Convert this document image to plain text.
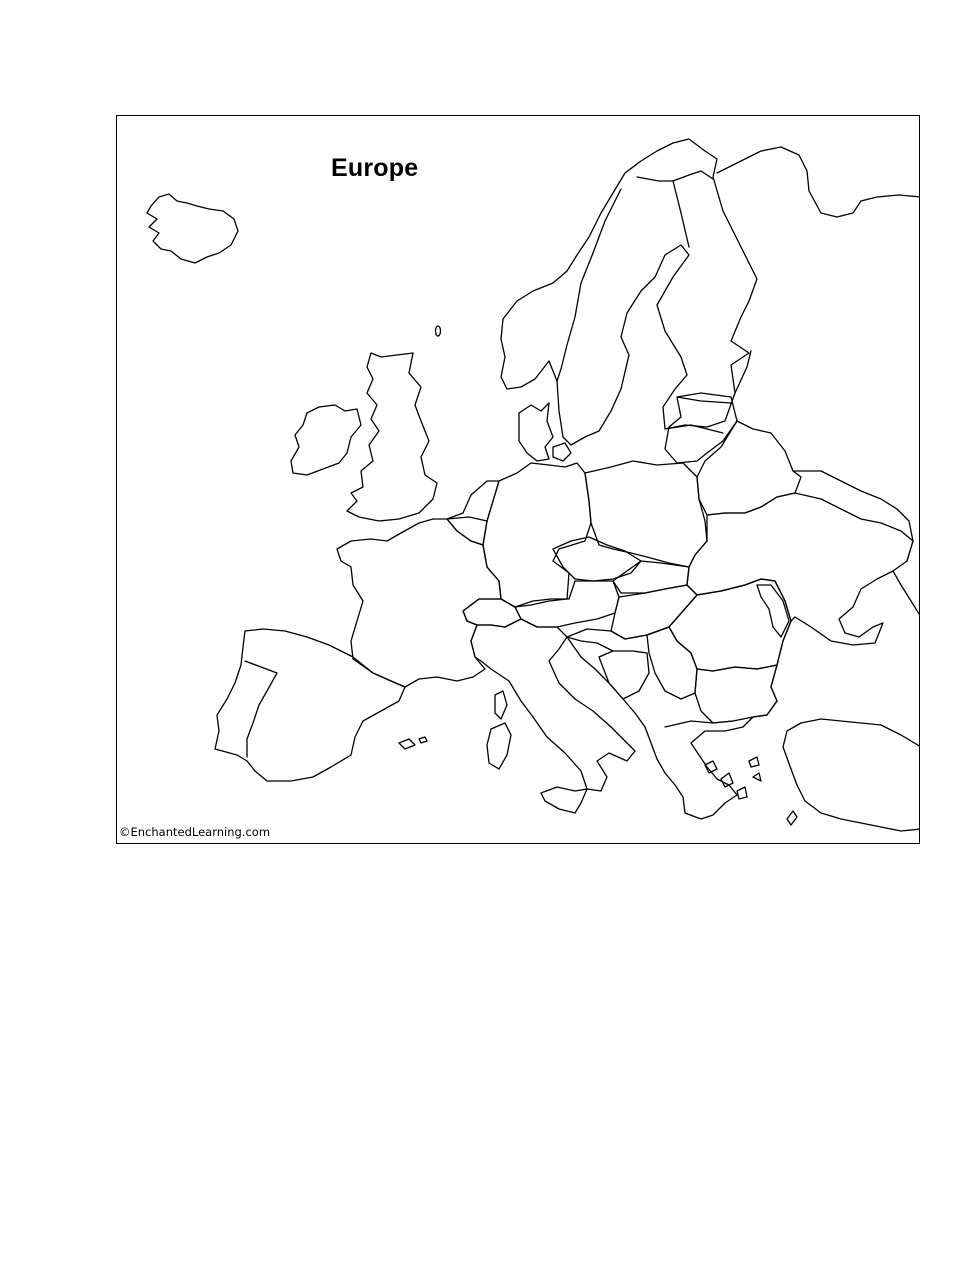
Europe
©EnchantedLearning.com
